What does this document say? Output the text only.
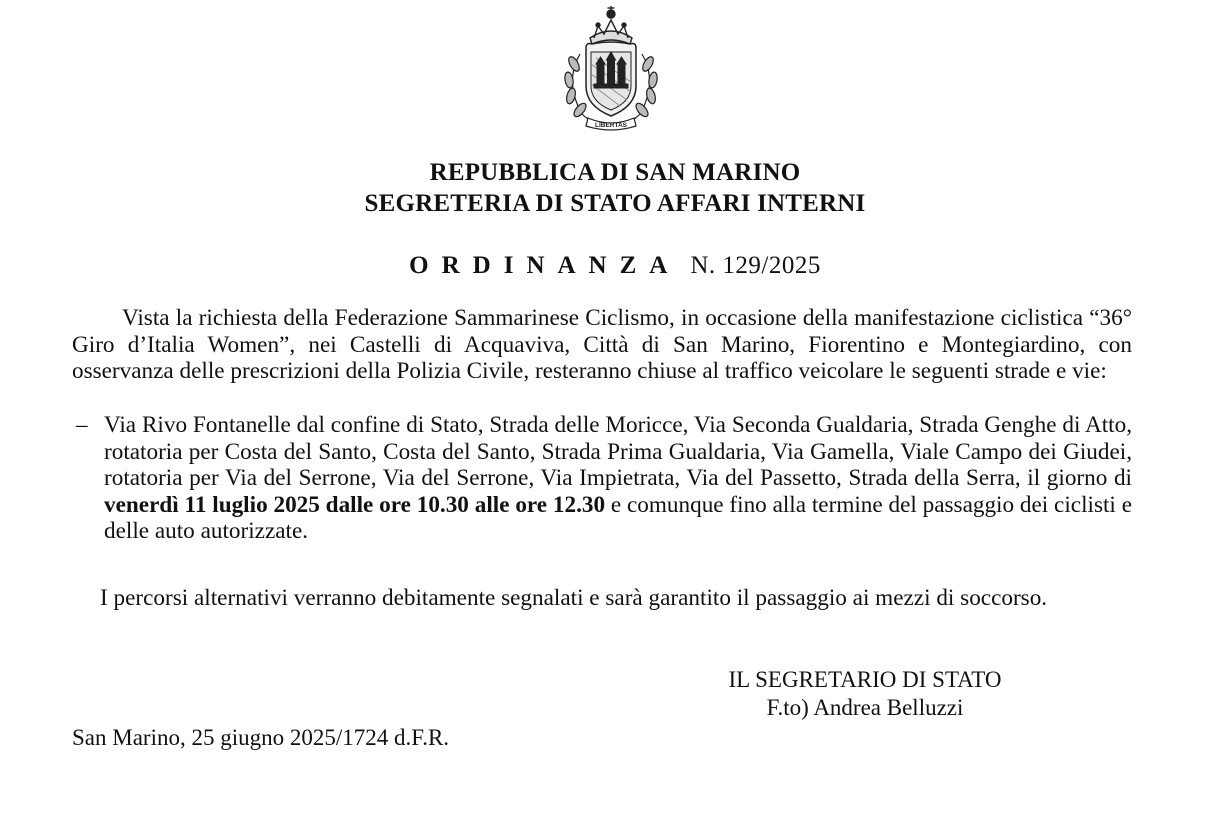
LIBERTAS
REPUBBLICA DI SAN MARINO
SEGRETERIA DI STATO AFFARI INTERNI
ORDINANZA N. 129/2025
Vista la richiesta della Federazione Sammarinese Ciclismo, in occasione della manifestazione ciclistica “36° Giro d’Italia Women”, nei Castelli di Acquaviva, Città di San Marino, Fiorentino e Montegiardino, con osservanza delle prescrizioni della Polizia Civile, resteranno chiuse al traffico veicolare le seguenti strade e vie:
– Via Rivo Fontanelle dal confine di Stato, Strada delle Moricce, Via Seconda Gualdaria, Strada Genghe di Atto, rotatoria per Costa del Santo, Costa del Santo, Strada Prima Gualdaria, Via Gamella, Viale Campo dei Giudei, rotatoria per Via del Serrone, Via del Serrone, Via Impietrata, Via del Passetto, Strada della Serra, il giorno di venerdì 11 luglio 2025 dalle ore 10.30 alle ore 12.30 e comunque fino alla termine del passaggio dei ciclisti e delle auto autorizzate.
I percorsi alternativi verranno debitamente segnalati e sarà garantito il passaggio ai mezzi di soccorso.
IL SEGRETARIO DI STATO
F.to) Andrea Belluzzi
San Marino, 25 giugno 2025/1724 d.F.R.
